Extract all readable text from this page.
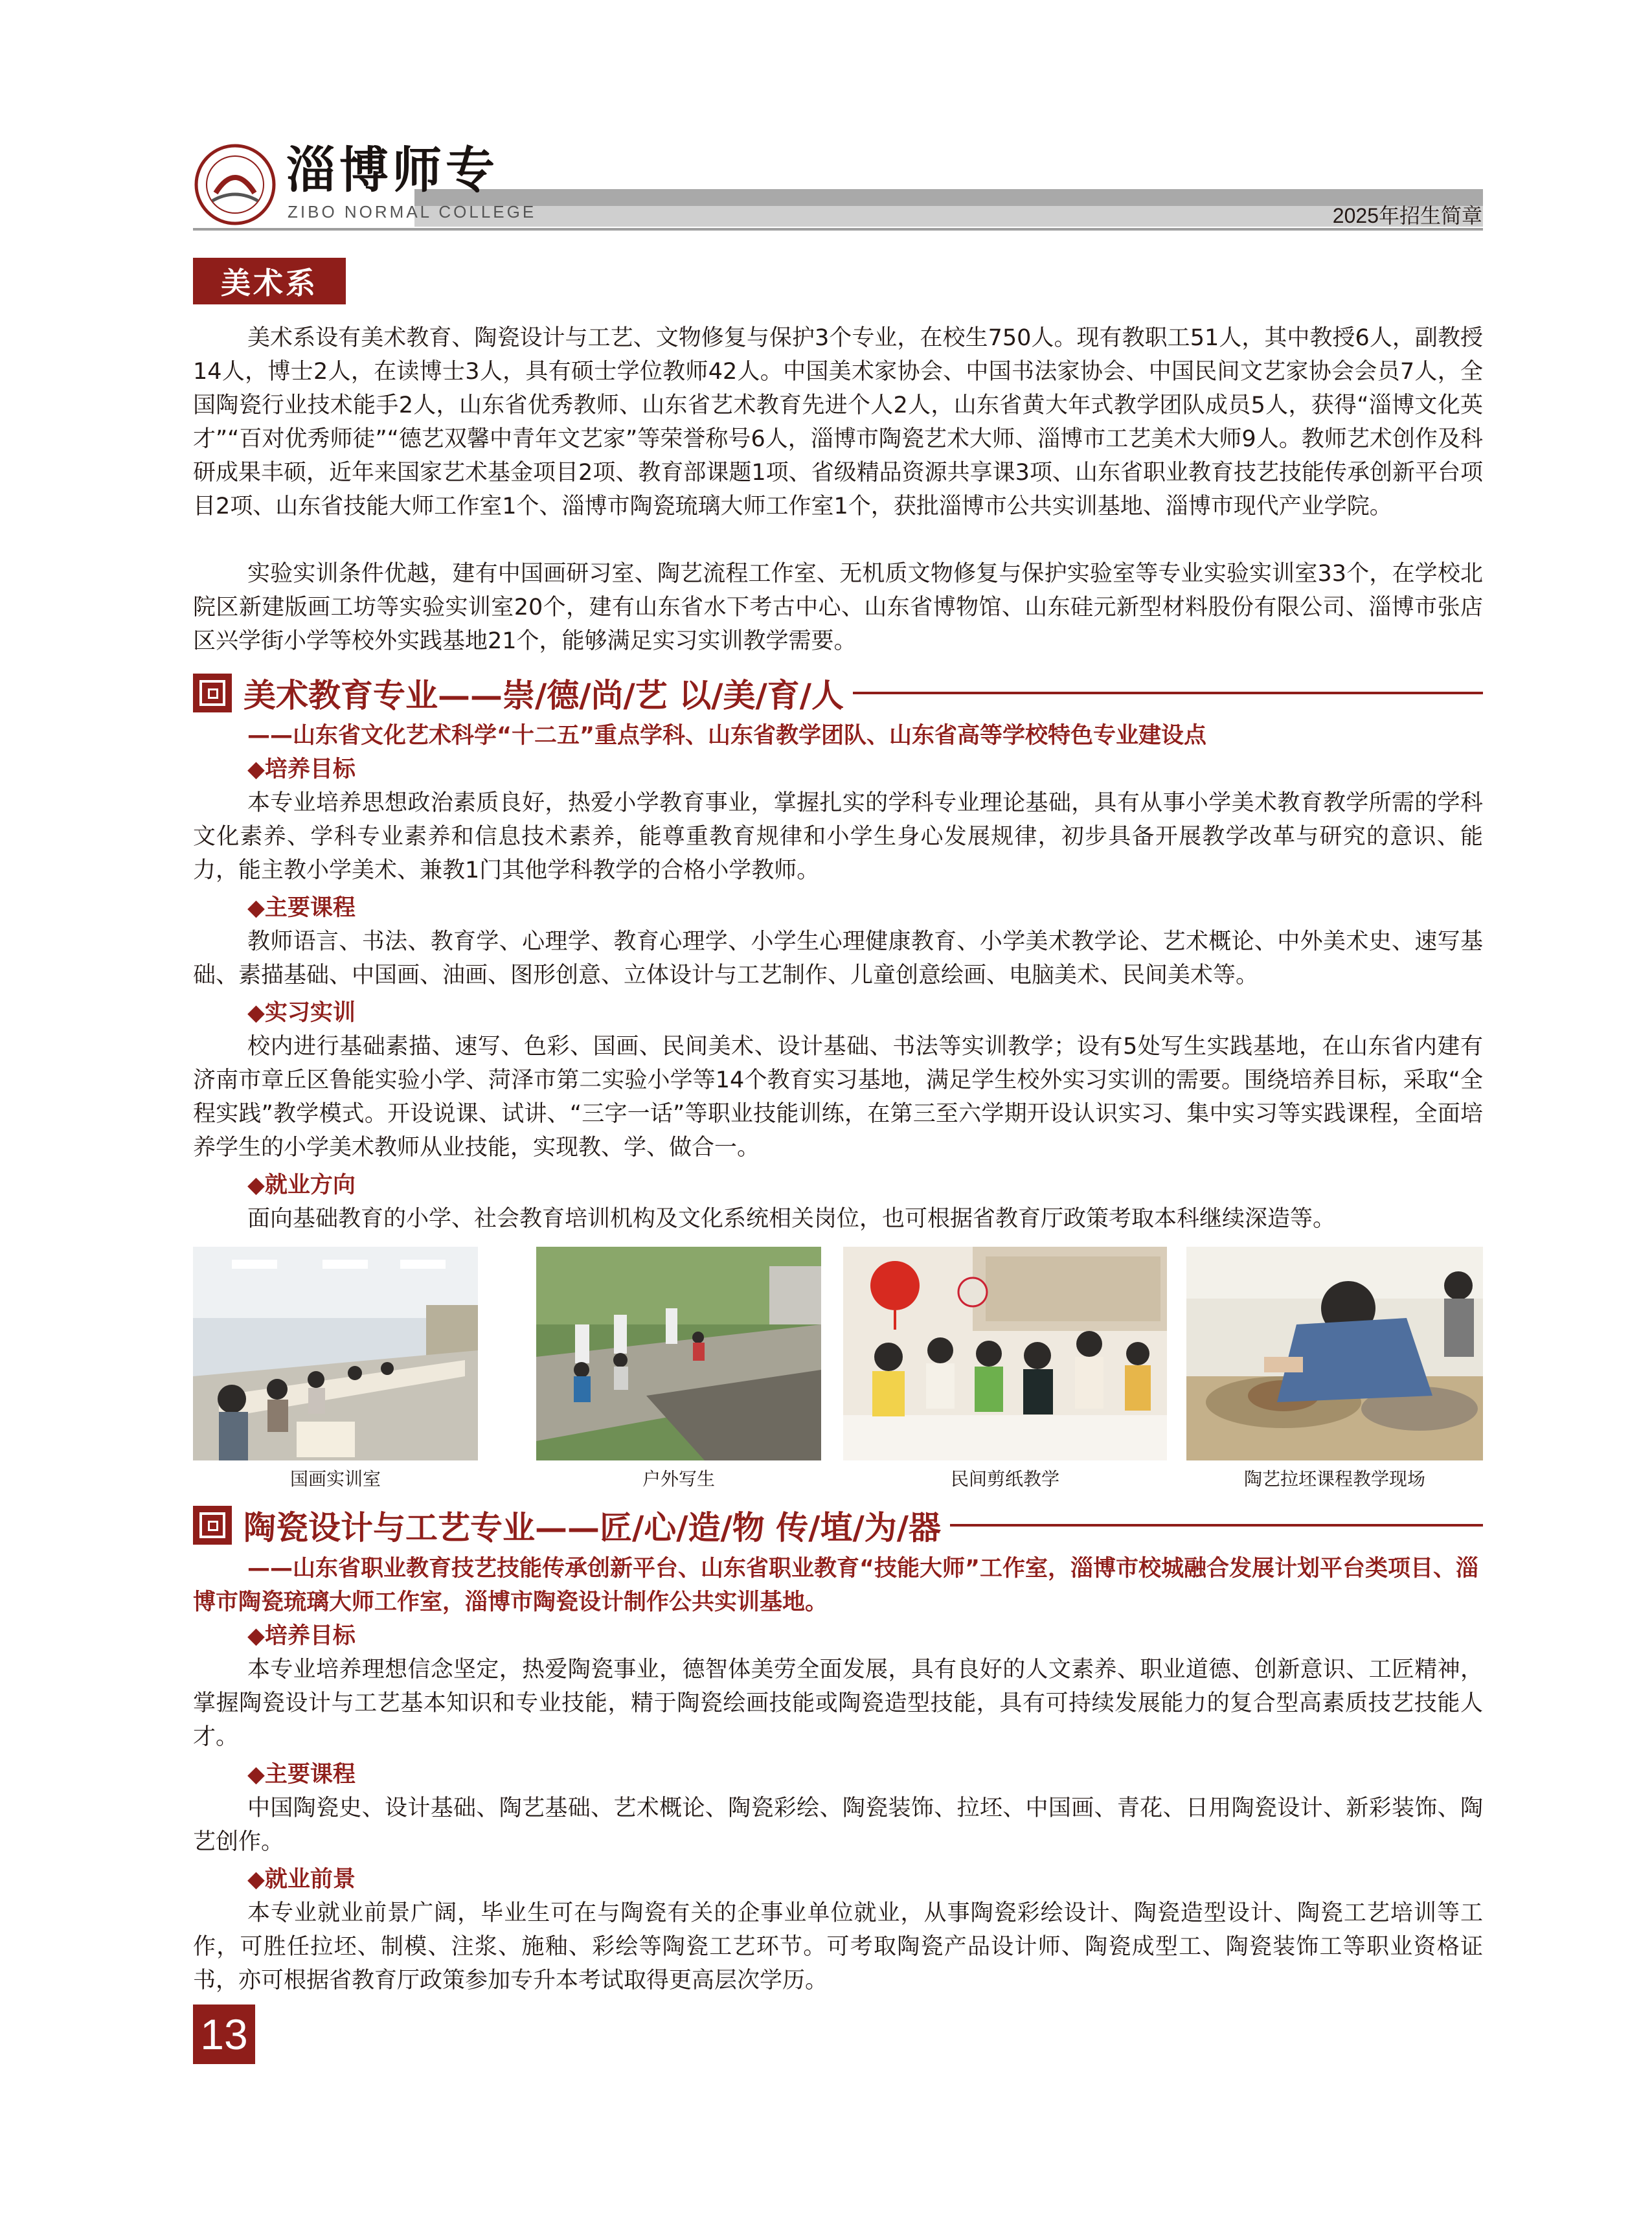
淄博师专
ZIBO NORMAL COLLEGE	2025年招生简章
美术系

美术系设有美术教育、陶瓷设计与工艺、文物修复与保护3个专业，在校生750人。现有教职工51人，其中教授6人，副教授14人，博士2人，在读博士3人，具有硕士学位教师42人。中国美术家协会、中国书法家协会、中国民间文艺家协会会员7人，全国陶瓷行业技术能手2人，山东省优秀教师、山东省艺术教育先进个人2人，山东省黄大年式教学团队成员5人，获得“淄博文化英才”“百对优秀师徒”“德艺双馨中青年文艺家”等荣誉称号6人，淄博市陶瓷艺术大师、淄博市工艺美术大师9人。教师艺术创作及科研成果丰硕，近年来国家艺术基金项目2项、教育部课题1项、省级精品资源共享课3项、山东省职业教育技艺技能传承创新平台项目2项、山东省技能大师工作室1个、淄博市陶瓷琉璃大师工作室1个，获批淄博市公共实训基地、淄博市现代产业学院。

实验实训条件优越，建有中国画研习室、陶艺流程工作室、无机质文物修复与保护实验室等专业实验实训室33个，在学校北院区新建版画工坊等实验实训室20个，建有山东省水下考古中心、山东省博物馆、山东硅元新型材料股份有限公司、淄博市张店区兴学街小学等校外实践基地21个，能够满足实习实训教学需要。

美术教育专业——崇/德/尚/艺 以/美/育/人
——山东省文化艺术科学“十二五”重点学科、山东省教学团队、山东省高等学校特色专业建设点
◆培养目标

本专业培养思想政治素质良好，热爱小学教育事业，掌握扎实的学科专业理论基础，具有从事小学美术教育教学所需的学科文化素养、学科专业素养和信息技术素养，能尊重教育规律和小学生身心发展规律，初步具备开展教学改革与研究的意识、能力，能主教小学美术、兼教1门其他学科教学的合格小学教师。

◆主要课程

教师语言、书法、教育学、心理学、教育心理学、小学生心理健康教育、小学美术教学论、艺术概论、中外美术史、速写基础、素描基础、中国画、油画、图形创意、立体设计与工艺制作、儿童创意绘画、电脑美术、民间美术等。

◆实习实训

校内进行基础素描、速写、色彩、国画、民间美术、设计基础、书法等实训教学；设有5处写生实践基地，在山东省内建有济南市章丘区鲁能实验小学、菏泽市第二实验小学等14个教育实习基地，满足学生校外实习实训的需要。围绕培养目标，采取“全程实践”教学模式。开设说课、试讲、“三字一话”等职业技能训练，在第三至六学期开设认识实习、集中实习等实践课程，全面培养学生的小学美术教师从业技能，实现教、学、做合一。

◆就业方向

面向基础教育的小学、社会教育培训机构及文化系统相关岗位，也可根据省教育厅政策考取本科继续深造等。

国画实训室	户外写生	民间剪纸教学	陶艺拉坯课程教学现场
陶瓷设计与工艺专业——匠/心/造/物 传/埴/为/器
——山东省职业教育技艺技能传承创新平台、山东省职业教育“技能大师”工作室，淄博市校城融合发展计划平台类项目、淄博市陶瓷琉璃大师工作室，淄博市陶瓷设计制作公共实训基地。
◆培养目标

本专业培养理想信念坚定，热爱陶瓷事业，德智体美劳全面发展，具有良好的人文素养、职业道德、创新意识、工匠精神，掌握陶瓷设计与工艺基本知识和专业技能，精于陶瓷绘画技能或陶瓷造型技能，具有可持续发展能力的复合型高素质技艺技能人才。

◆主要课程

中国陶瓷史、设计基础、陶艺基础、艺术概论、陶瓷彩绘、陶瓷装饰、拉坯、中国画、青花、日用陶瓷设计、新彩装饰、陶艺创作。

◆就业前景

本专业就业前景广阔，毕业生可在与陶瓷有关的企事业单位就业，从事陶瓷彩绘设计、陶瓷造型设计、陶瓷工艺培训等工作，可胜任拉坯、制模、注浆、施釉、彩绘等陶瓷工艺环节。可考取陶瓷产品设计师、陶瓷成型工、陶瓷装饰工等职业资格证书，亦可根据省教育厅政策参加专升本考试取得更高层次学历。

13
